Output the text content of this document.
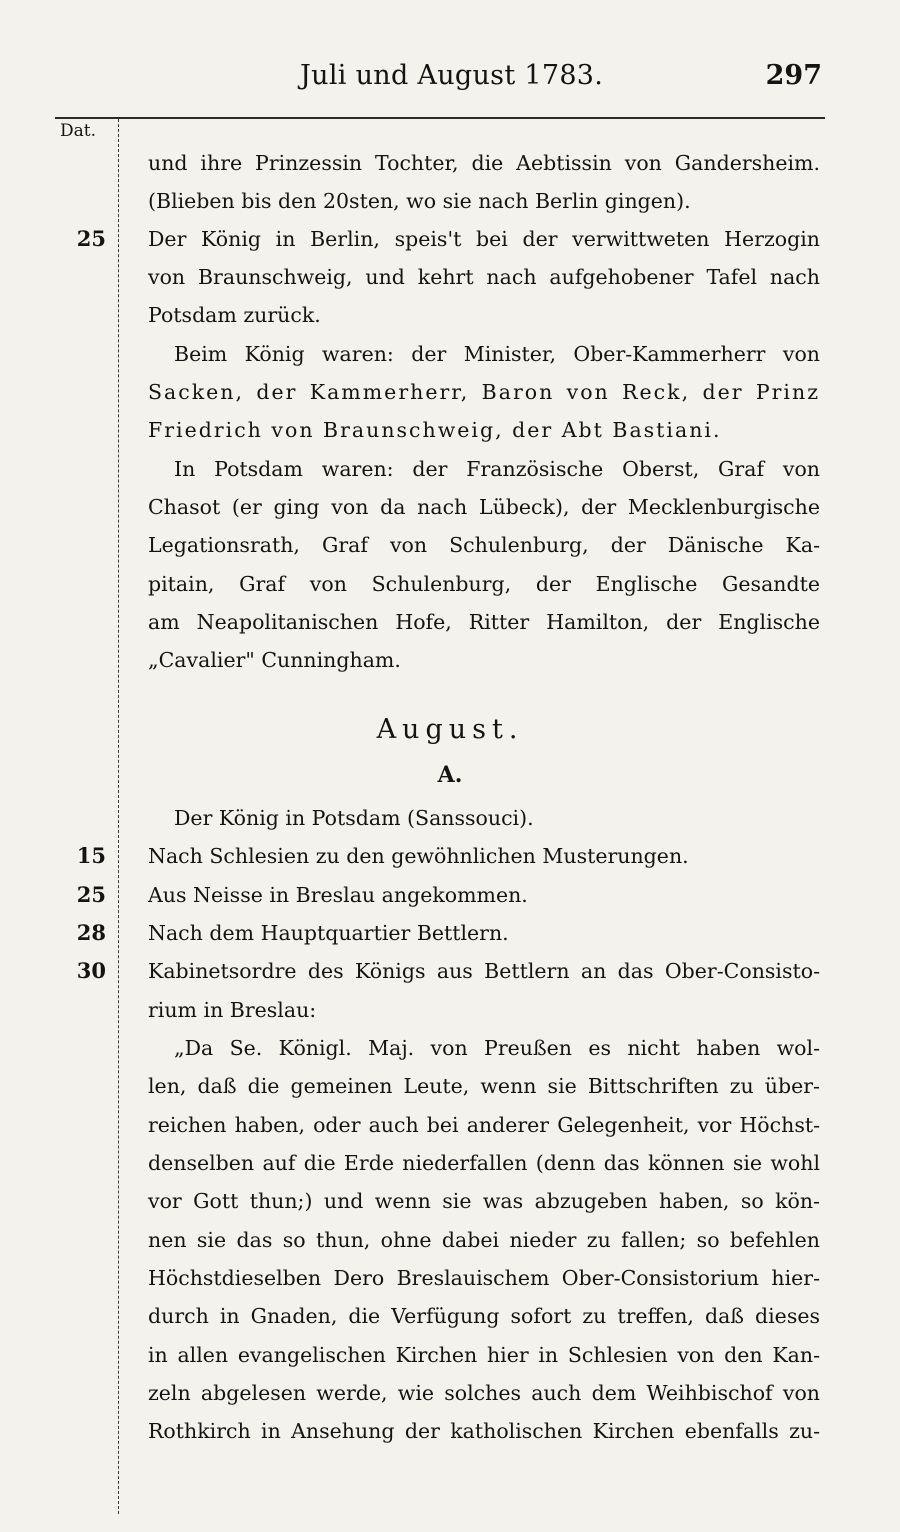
Juli und August 1783.	297
Dat.
und ihre Prinzessin Tochter, die Aebtissin von Gandersheim.
(Blieben bis den 20sten, wo sie nach Berlin gingen).
25 Der König in Berlin, speis't bei der verwittweten Herzogin
von Braunschweig, und kehrt nach aufgehobener Tafel nach
Potsdam zurück.
Beim König waren: der Minister, Ober-Kammerherr von
Sacken, der Kammerherr, Baron von Reck, der Prinz
Friedrich von Braunschweig, der Abt Bastiani.
In Potsdam waren: der Französische Oberst, Graf von
Chasot (er ging von da nach Lübeck), der Mecklenburgische
Legationsrath, Graf von Schulenburg, der Dänische Ka-
pitain, Graf von Schulenburg, der Englische Gesandte
am Neapolitanischen Hofe, Ritter Hamilton, der Englische
„Cavalier" Cunningham.
August.
A.
Der König in Potsdam (Sanssouci).
15 Nach Schlesien zu den gewöhnlichen Musterungen.
25 Aus Neisse in Breslau angekommen.
28 Nach dem Hauptquartier Bettlern.
30 Kabinetsordre des Königs aus Bettlern an das Ober-Consisto-
rium in Breslau:
„Da Se. Königl. Maj. von Preußen es nicht haben wol-
len, daß die gemeinen Leute, wenn sie Bittschriften zu über-
reichen haben, oder auch bei anderer Gelegenheit, vor Höchst-
denselben auf die Erde niederfallen (denn das können sie wohl
vor Gott thun;) und wenn sie was abzugeben haben, so kön-
nen sie das so thun, ohne dabei nieder zu fallen; so befehlen
Höchstdieselben Dero Breslauischem Ober-Consistorium hier-
durch in Gnaden, die Verfügung sofort zu treffen, daß dieses
in allen evangelischen Kirchen hier in Schlesien von den Kan-
zeln abgelesen werde, wie solches auch dem Weihbischof von
Rothkirch in Ansehung der katholischen Kirchen ebenfalls zu-
